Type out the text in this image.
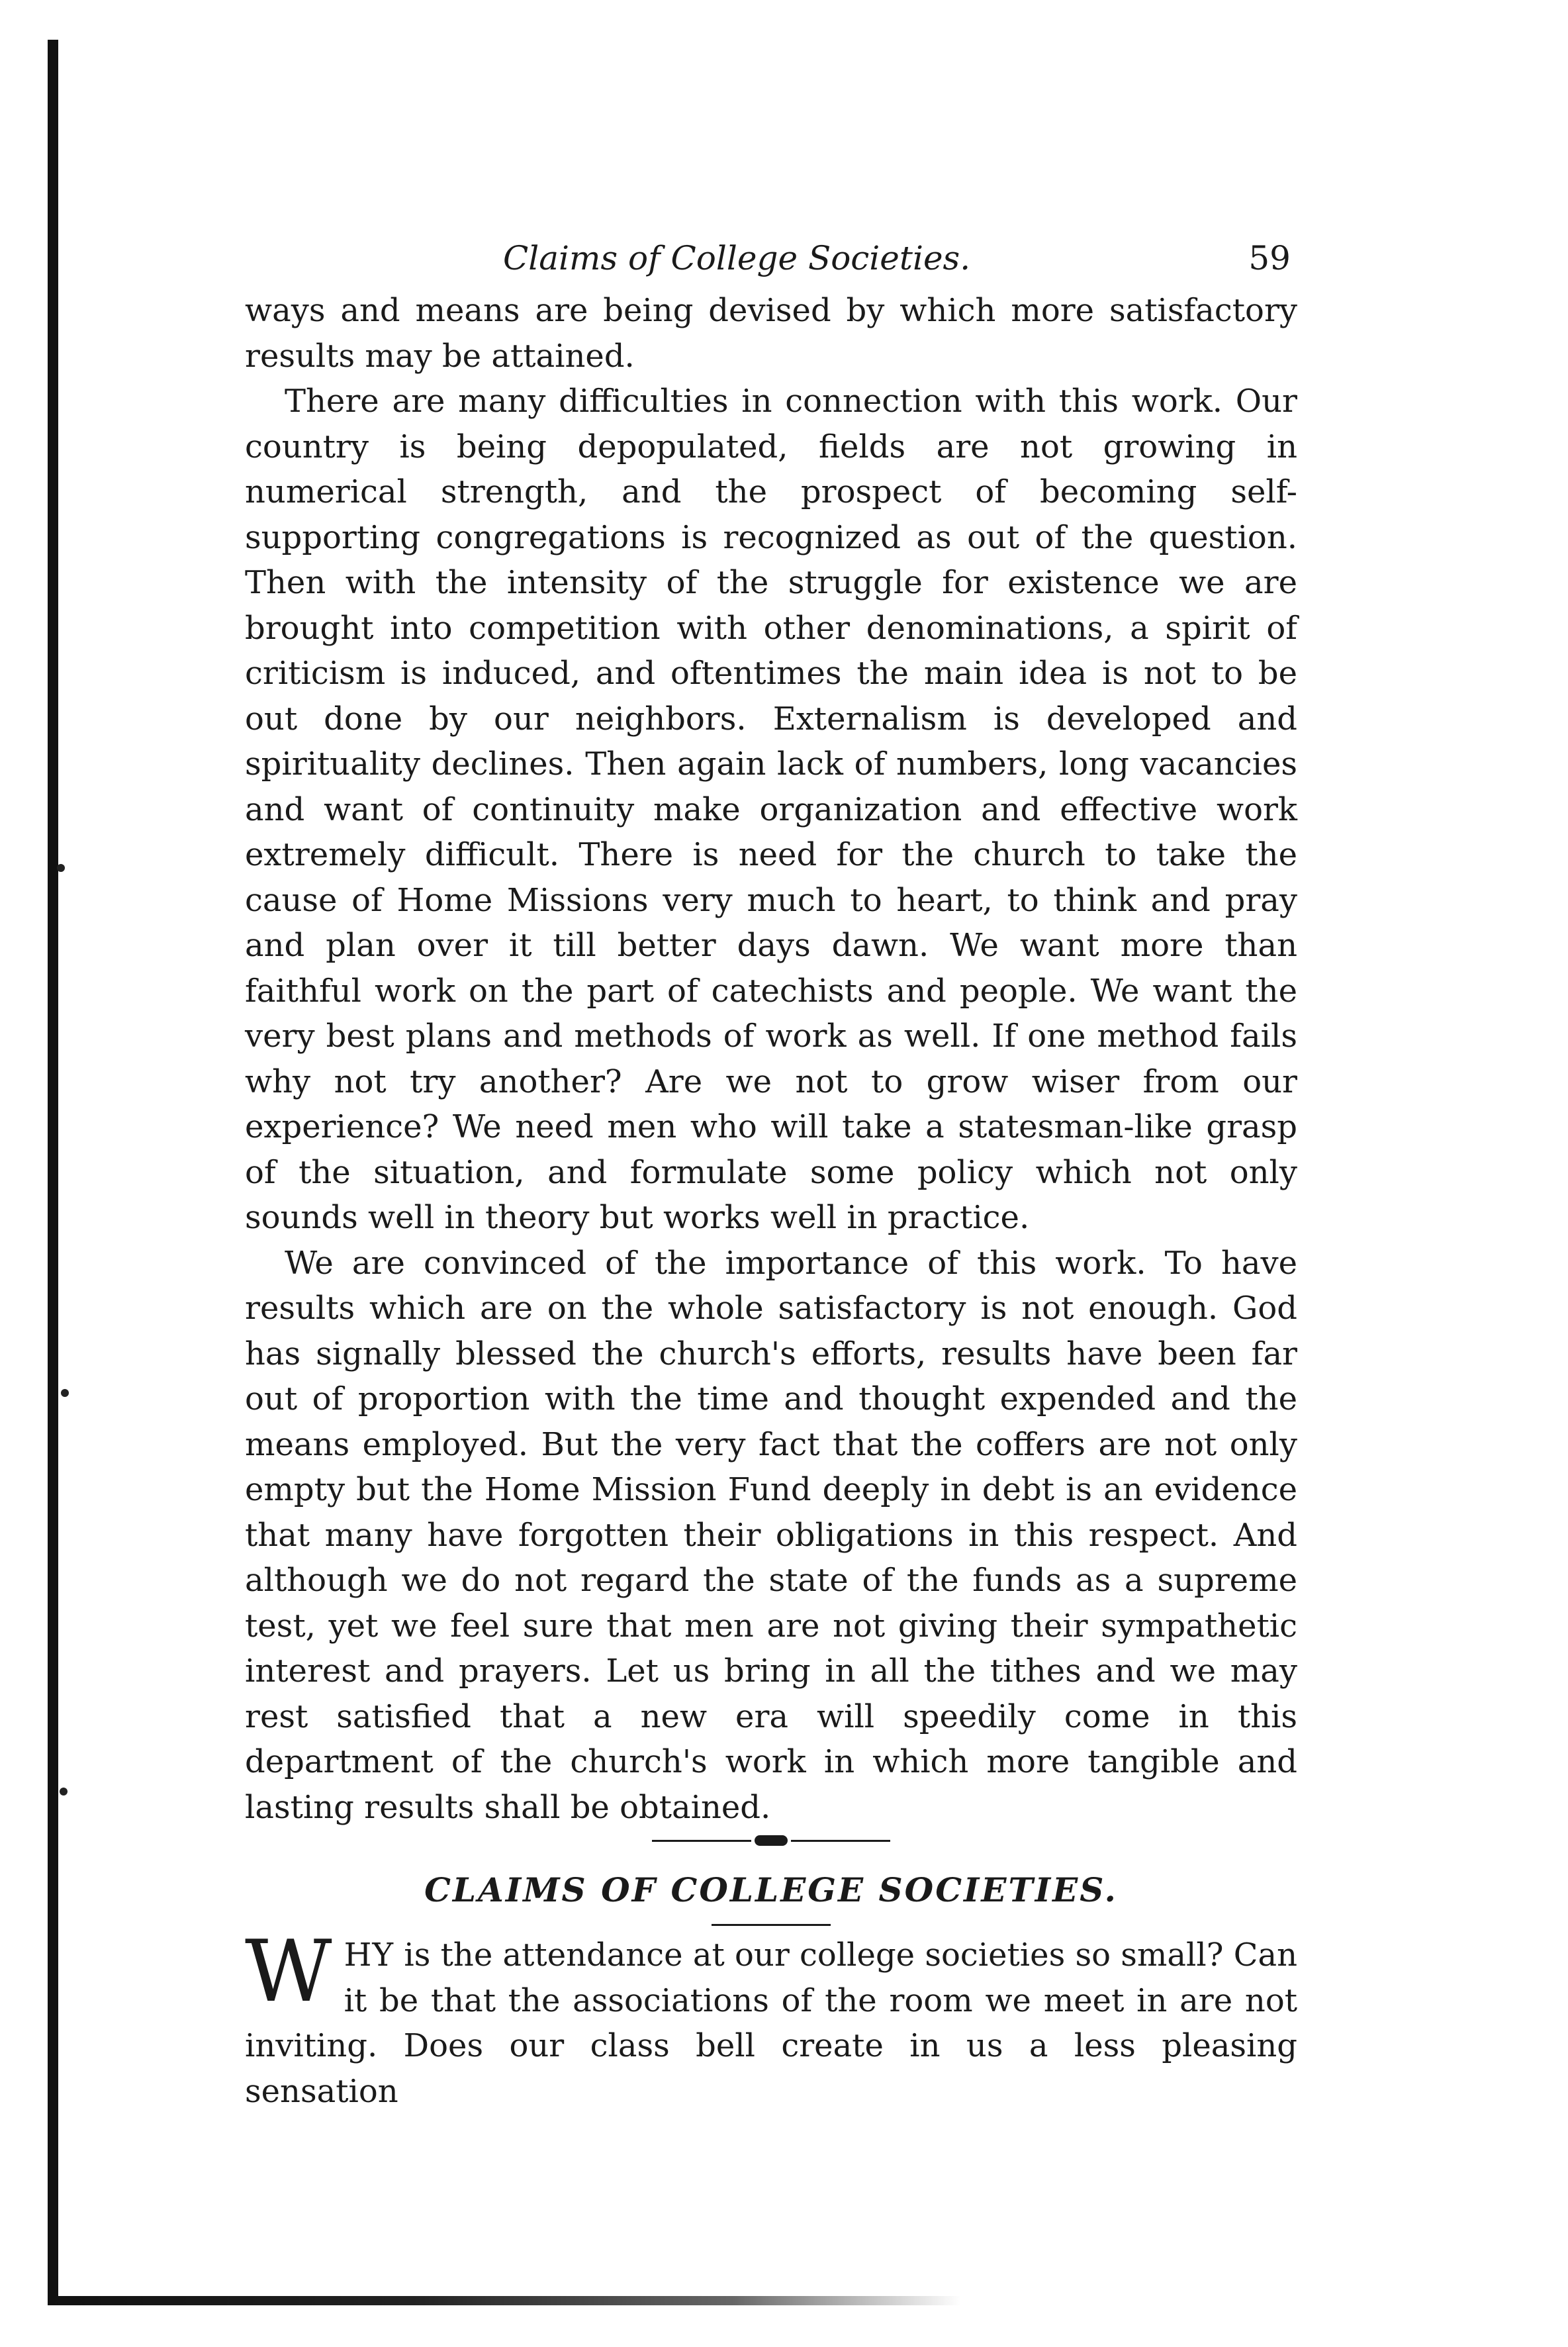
Claims of College Societies.	59

ways and means are being devised by which more satisfactory results may be attained.

There are many difficulties in connection with this work. Our country is being depopulated, fields are not growing in numerical strength, and the prospect of becoming self-supporting congregations is recognized as out of the question. Then with the intensity of the struggle for existence we are brought into competition with other denominations, a spirit of criticism is induced, and oftentimes the main idea is not to be out done by our neighbors. Externalism is developed and spirituality declines. Then again lack of numbers, long vacancies and want of continuity make organization and effective work extremely difficult. There is need for the church to take the cause of Home Missions very much to heart, to think and pray and plan over it till better days dawn. We want more than faithful work on the part of catechists and people. We want the very best plans and methods of work as well. If one method fails why not try another? Are we not to grow wiser from our experience? We need men who will take a statesman-like grasp of the situation, and formulate some policy which not only sounds well in theory but works well in practice.

We are convinced of the importance of this work. To have results which are on the whole satisfactory is not enough. God has signally blessed the church's efforts, results have been far out of proportion with the time and thought expended and the means employed. But the very fact that the coffers are not only empty but the Home Mission Fund deeply in debt is an evidence that many have forgotten their obligations in this respect. And although we do not regard the state of the funds as a supreme test, yet we feel sure that men are not giving their sympathetic interest and prayers. Let us bring in all the tithes and we may rest satisfied that a new era will speedily come in this department of the church's work in which more tangible and lasting results shall be obtained.

CLAIMS OF COLLEGE SOCIETIES.

WHY is the attendance at our college societies so small? Can it be that the associations of the room we meet in are not inviting. Does our class bell create in us a less pleasing sensation
